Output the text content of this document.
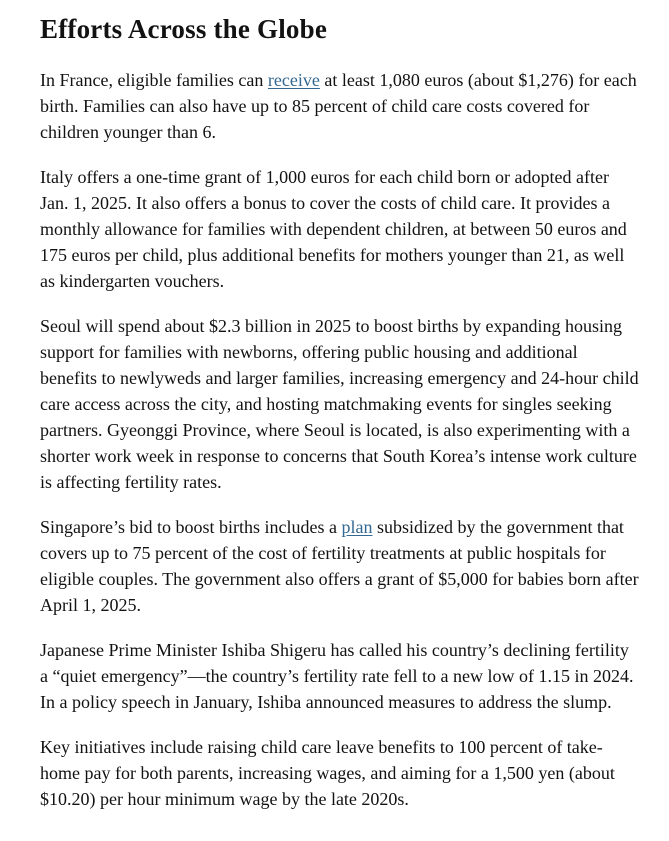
Efforts Across the Globe

In France, eligible families can receive at least 1,080 euros (about $1,276) for each birth. Families can also have up to 85 percent of child care costs covered for children younger than 6.

Italy offers a one-time grant of 1,000 euros for each child born or adopted after Jan. 1, 2025. It also offers a bonus to cover the costs of child care. It provides a monthly allowance for families with dependent children, at between 50 euros and 175 euros per child, plus additional benefits for mothers younger than 21, as well as kindergarten vouchers.

Seoul will spend about $2.3 billion in 2025 to boost births by expanding housing support for families with newborns, offering public housing and additional benefits to newlyweds and larger families, increasing emergency and 24-hour child care access across the city, and hosting matchmaking events for singles seeking partners. Gyeonggi Province, where Seoul is located, is also experimenting with a shorter work week in response to concerns that South Korea’s intense work culture is affecting fertility rates.

Singapore’s bid to boost births includes a plan subsidized by the government that covers up to 75 percent of the cost of fertility treatments at public hospitals for eligible couples. The government also offers a grant of $5,000 for babies born after April 1, 2025.

Japanese Prime Minister Ishiba Shigeru has called his country’s declining fertility a “quiet emergency”—the country’s fertility rate fell to a new low of 1.15 in 2024. In a policy speech in January, Ishiba announced measures to address the slump.

Key initiatives include raising child care leave benefits to 100 percent of take-home pay for both parents, increasing wages, and aiming for a 1,500 yen (about $10.20) per hour minimum wage by the late 2020s.
